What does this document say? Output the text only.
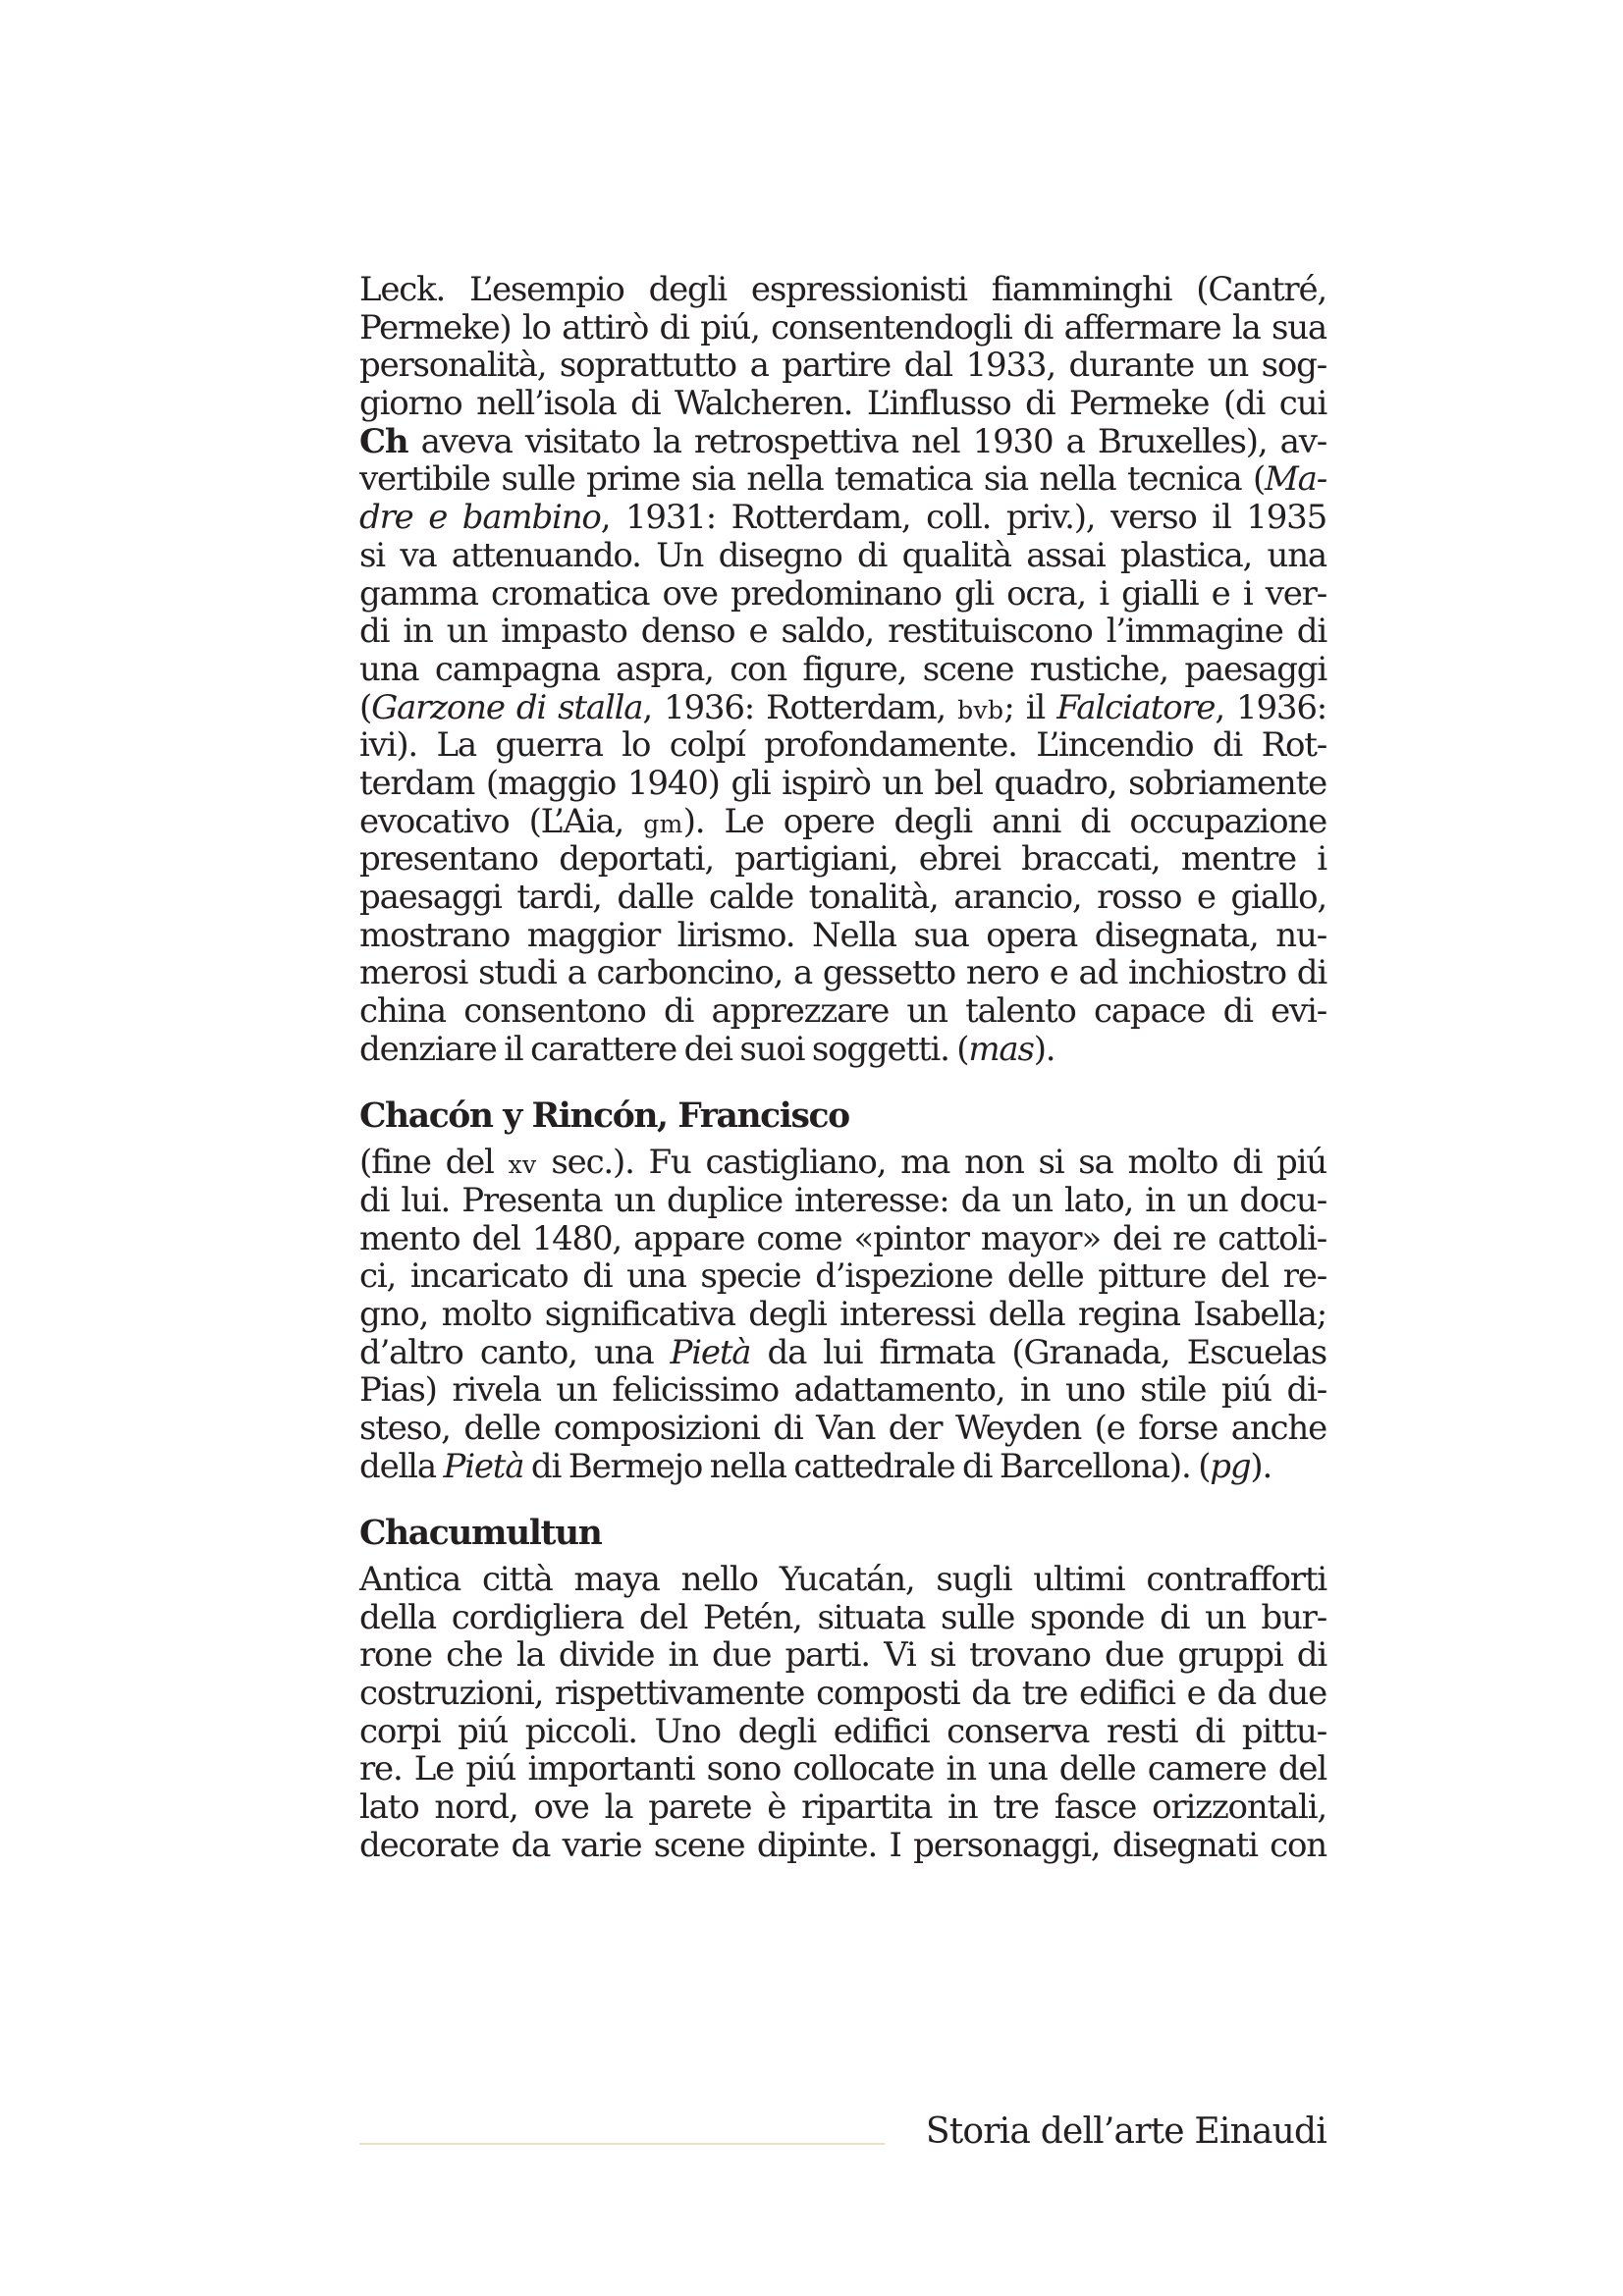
Leck. L’esempio degli espressionisti fiamminghi (Cantré,
Permeke) lo attirò di piú, consentendogli di affermare la sua
personalità, soprattutto a partire dal 1933, durante un sog-
giorno nell’isola di Walcheren. L’influsso di Permeke (di cui
Ch aveva visitato la retrospettiva nel 1930 a Bruxelles), av-
vertibile sulle prime sia nella tematica sia nella tecnica (Ma-
dre e bambino, 1931: Rotterdam, coll. priv.), verso il 1935
si va attenuando. Un disegno di qualità assai plastica, una
gamma cromatica ove predominano gli ocra, i gialli e i ver-
di in un impasto denso e saldo, restituiscono l’immagine di
una campagna aspra, con figure, scene rustiche, paesaggi
(Garzone di stalla, 1936: Rotterdam, bvb; il Falciatore, 1936:
ivi). La guerra lo colpí profondamente. L’incendio di Rot-
terdam (maggio 1940) gli ispirò un bel quadro, sobriamente
evocativo (L’Aia, gm). Le opere degli anni di occupazione
presentano deportati, partigiani, ebrei braccati, mentre i
paesaggi tardi, dalle calde tonalità, arancio, rosso e giallo,
mostrano maggior lirismo. Nella sua opera disegnata, nu-
merosi studi a carboncino, a gessetto nero e ad inchiostro di
china consentono di apprezzare un talento capace di evi-
denziare il carattere dei suoi soggetti. (mas).
Chacón y Rincón, Francisco
(fine del xv sec.). Fu castigliano, ma non si sa molto di piú
di lui. Presenta un duplice interesse: da un lato, in un docu-
mento del 1480, appare come «pintor mayor» dei re cattoli-
ci, incaricato di una specie d’ispezione delle pitture del re-
gno, molto significativa degli interessi della regina Isabella;
d’altro canto, una Pietà da lui firmata (Granada, Escuelas
Pias) rivela un felicissimo adattamento, in uno stile piú di-
steso, delle composizioni di Van der Weyden (e forse anche
della Pietà di Bermejo nella cattedrale di Barcellona). (pg).
Chacumultun
Antica città maya nello Yucatán, sugli ultimi contrafforti
della cordigliera del Petén, situata sulle sponde di un bur-
rone che la divide in due parti. Vi si trovano due gruppi di
costruzioni, rispettivamente composti da tre edifici e da due
corpi piú piccoli. Uno degli edifici conserva resti di pittu-
re. Le piú importanti sono collocate in una delle camere del
lato nord, ove la parete è ripartita in tre fasce orizzontali,
decorate da varie scene dipinte. I personaggi, disegnati con
Storia dell’arte Einaudi
